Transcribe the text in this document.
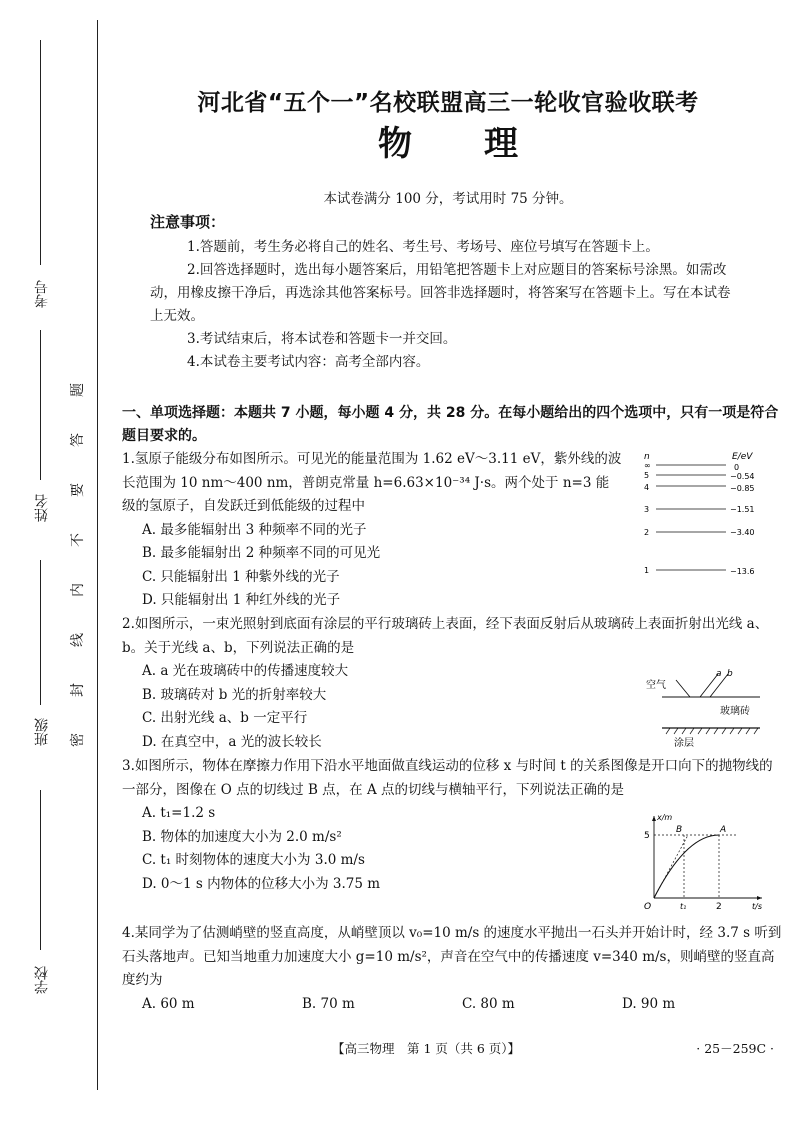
考号
姓名
班级
学校
题
答
要
不
内
线
封
密
河北省“五个一”名校联盟高三一轮收官验收联考
物 理
本试卷满分 100 分，考试用时 75 分钟。
注意事项：

1.答题前，考生务必将自己的姓名、考生号、考场号、座位号填写在答题卡上。

2.回答选择题时，选出每小题答案后，用铅笔把答题卡上对应题目的答案标号涂黑。如需改动，用橡皮擦干净后，再选涂其他答案标号。回答非选择题时，将答案写在答题卡上。写在本试卷上无效。

3.考试结束后，将本试卷和答题卡一并交回。

4.本试卷主要考试内容：高考全部内容。

一、单项选择题：本题共 7 小题，每小题 4 分，共 28 分。在每小题给出的四个选项中，只有一项是符合题目要求的。

1.氢原子能级分布如图所示。可见光的能量范围为 1.62 eV～3.11 eV，紫外线的波长范围为 10 nm～400 nm，普朗克常量 h=6.63×10⁻³⁴ J·s。两个处于 n=3 能级的氢原子，自发跃迁到低能级的过程中

A. 最多能辐射出 3 种频率不同的光子

B. 最多能辐射出 2 种频率不同的可见光

C. 只能辐射出 1 种紫外线的光子

D. 只能辐射出 1 种红外线的光子

n	E/eV
∞	0
5	−0.54
4	−0.85
3	−1.51
2	−3.40
1	−13.6

2.如图所示，一束光照射到底面有涂层的平行玻璃砖上表面，经下表面反射后从玻璃砖上表面折射出光线 a、b。关于光线 a、b，下列说法正确的是

A. a 光在玻璃砖中的传播速度较大

B. 玻璃砖对 b 光的折射率较大

C. 出射光线 a、b 一定平行

D. 在真空中，a 光的波长较长

空气
a b
玻璃砖
涂层

3.如图所示，物体在摩擦力作用下沿水平地面做直线运动的位移 x 与时间 t 的关系图像是开口向下的抛物线的一部分，图像在 O 点的切线过 B 点，在 A 点的切线与横轴平行，下列说法正确的是

A. t₁=1.2 s

B. 物体的加速度大小为 2.0 m/s²

C. t₁ 时刻物体的速度大小为 3.0 m/s

D. 0～1 s 内物体的位移大小为 3.75 m

x/m
t/s
O
5
B	A
t₁	2

4.某同学为了估测峭壁的竖直高度，从峭壁顶以 v₀=10 m/s 的速度水平抛出一石头并开始计时，经 3.7 s 听到石头落地声。已知当地重力加速度大小 g=10 m/s²，声音在空气中的传播速度 v=340 m/s，则峭壁的竖直高度约为

A. 60 m	B. 70 m	C. 80 m	D. 90 m
【高三物理　第 1 页（共 6 页）】	· 25－259C ·
